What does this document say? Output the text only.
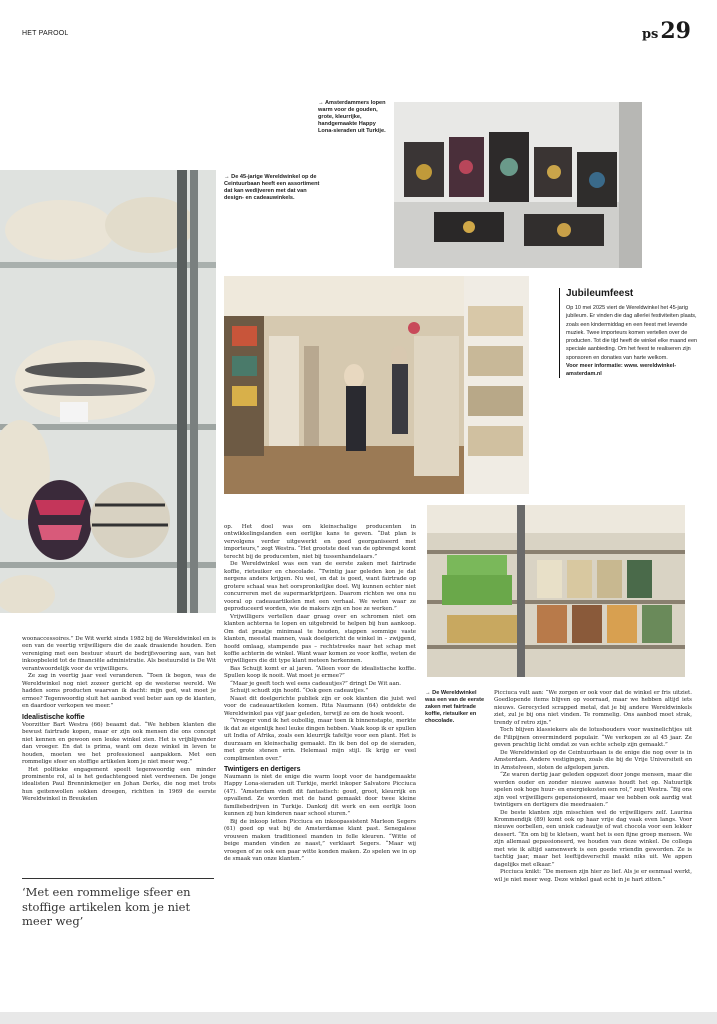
HET PAROOL	ps29
→ De 45-jarige Wereldwinkel op de Ceintuurbaan heeft een assortiment dat kan wedijveren met dat van design- en cadeauwinkels.
→ Amsterdammers lopen warm voor de gouden, grote, kleurrijke, handgemaakte Happy Lona-sieraden uit Turkije.
Jubileumfeest

Op 10 mei 2025 viert de Wereldwinkel het 45-jarig jubileum. Er vinden die dag allerlei festiviteiten plaats, zoals een kindermiddag en een feest met levende muziek. Twee importeurs komen vertellen over de producten. Tot die tijd heeft de winkel elke maand een speciale aanbieding. Om het feest te realiseren zijn sponsoren en donaties van harte welkom.

Voor meer informatie: www. wereldwinkel-amsterdam.nl

→ De Wereldwinkel was een van de eerste zaken met fairtrade koffie, rietsuiker en chocolade.

woonaccessoires.” De Wit werkt sinds 1982 bij de Wereldwinkel en is een van de veertig vrijwilligers die de zaak draaiende houden. Een vereniging met een bestuur stuurt de bedrijfsvoering aan, van het inkoopbeleid tot de financiële administratie. Als bestuurslid is De Wit verantwoordelijk voor de vrijwilligers.

Ze zag in veertig jaar veel veranderen. “Toen ik begon, was de Wereldwinkel nog niet zozeer gericht op de westerse wereld. We hadden soms producten waarvan ik dacht: mijn god, wat moet je ermee? Tegenwoordig sluit het aanbod veel beter aan op de klanten, en daardoor verkopen we meer.”

Idealistische koffie

Voorzitter Bart Westra (66) beaamt dat. “We hebben klanten die bewust fairtrade kopen, maar er zijn ook mensen die ons concept niet kennen en gewoon een leuke winkel zien. Het is vrijblijvender dan vroeger. En dat is prima, want om deze winkel in leven te houden, moeten we het professioneel aanpakken. Met een rommelige sfeer en stoffige artikelen kom je niet meer weg.”

Het politieke engagement speelt tegenwoordig een minder prominente rol, al is het gedachtengoed niet verdwenen. De jonge idealisten Paul Brenninkmeijer en Johan Derks, die nog met trots hun geitenwollen sokken droegen, richtten in 1969 de eerste Wereldwinkel in Breukelen

‘Met een rommelige sfeer en stoffige artikelen kom je niet meer weg’

op. Het doel was om kleinschalige producenten in ontwikkelingslanden een eerlijke kans te geven. “Dat plan is vervolgens verder uitgewerkt en goed georganiseerd met importeurs,” zegt Westra. “Het grootste deel van de opbrengst komt terecht bij de producenten, niet bij tussenhandelaars.”

De Wereldwinkel was een van de eerste zaken met fairtrade koffie, rietsuiker en chocolade. “Twintig jaar geleden kon je dat nergens anders krijgen. Nu wel, en dat is goed, want fairtrade op grotere schaal was het oorspronkelijke doel. Wij kunnen echter niet concurreren met de supermarktprijzen. Daarom richten we ons nu vooral op cadeauartikelen met een verhaal. We weten waar ze geproduceerd worden, wie de makers zijn en hoe ze werken.”

Vrijwilligers vertellen daar graag over en schromen niet om klanten achterna te lopen en uitgebreid te helpen bij hun aankoop. Om dat praatje minimaal te houden, stappen sommige vaste klanten, meestal mannen, vaak doelgericht de winkel in – zwijgend, hoofd omlaag, stampende pas – rechtstreeks naar het schap met koffie achterin de winkel. Want waar komen ze voor koffie, weten de vrijwilligers die dit type klant meteen herkennen.

Bas Schuijt komt er al jaren. “Alleen voor de idealistische koffie. Spullen koop ik nooit. Wat moet je ermee?”

“Maar je geeft toch wel eens cadeautjes?” dringt De Wit aan.

Schuijt schudt zijn hoofd. “Ook geen cadeautjes.”

Naast dit doelgerichte publiek zijn er ook klanten die juist wel voor de cadeauartikelen komen. Rita Naumann (64) ontdekte de Wereldwinkel pas vijf jaar geleden, terwijl ze om de hoek woont.

“Vroeger vond ik het oubollig, maar toen ik binnenstapte, merkte ik dat ze eigenlijk heel leuke dingen hebben. Vaak koop ik er spullen uit India of Afrika, zoals een kleurrijk tafeltje voor een plant. Het is duurzaam en kleinschalig gemaakt. En ik ben dol op de sieraden, met grote stenen erin. Helemaal mijn stijl. Ik krijg er veel complimenten over.”

Twintigers en dertigers

Naumann is niet de enige die warm loopt voor de handgemaakte Happy Lona-sieraden uit Turkije, merkt inkoper Salvatore Picciuca (47). “Amsterdam vindt dit fantastisch: goud, groot, kleurrijk en opvallend. Ze worden met de hand gemaakt door twee kleine familiebedrijven in Turkije. Dankzij dit werk en een eerlijk loon kunnen zij hun kinderen naar school sturen.”

Bij de inkoop letten Picciuca en inkoopassistent Marleon Segers (61) goed op wat bij de Amsterdamse klant past. Senegalese vrouwen maken traditioneel manden in felle kleuren. “Witte of beige manden vinden ze naast,” verklaart Segers. “Maar wij vroegen of ze ook een paar witte konden maken. Zo spelen we in op de smaak van onze klanten.”

Picciuca vult aan: “We zorgen er ook voor dat de winkel er fris uitziet. Goedlopende items blijven op voorraad, maar we hebben altijd iets nieuws. Gerecycled scrapped metal, dat je bij andere Wereldwinkels ziet, zul je bij ons niet vinden. Te rommelig. Ons aanbod moet strak, trendy of retro zijn.”

Toch blijven klassiekers als de lotushouders voor waxinelichtjes uit de Filipijnen onverminderd populair. “We verkopen ze al 45 jaar. Ze geven prachtig licht omdat ze van echte schelp zijn gemaakt.”

De Wereldwinkel op de Ceintuurbaan is de enige die nog over is in Amsterdam. Andere vestigingen, zoals die bij de Vrije Universiteit en in Amstelveen, sloten de afgelopen jaren.

“Ze waren dertig jaar geleden opgezet door jonge mensen, maar die werden ouder en zonder nieuwe aanwas houdt het op. Natuurlijk spelen ook hoge huur- en energiekosten een rol,” zegt Westra. “Bij ons zijn veel vrijwilligers gepensioneerd, maar we hebben ook aardig wat twintigers en dertigers die meedraaien.”

De beste klanten zijn misschien wel de vrijwilligers zelf. Laurina Krommendijk (89) komt ook op haar vrije dag vaak even langs. Voor nieuwe oorbellen, een uniek cadeautje of wat chocola voor een lekker dessert. “En om bij te kletsen, want het is een fijne groep mensen. We zijn allemaal gepassioneerd, we houden van deze winkel. De collega met wie ik altijd samenwerk is een goede vriendin geworden. Ze is tachtig jaar, maar het leeftijdsverschil maakt niks uit. We appen dagelijks met elkaar.”

Picciuca knikt: “De mensen zijn hier zo lief. Als je er eenmaal werkt, wil je niet meer weg. Deze winkel gaat echt in je hart zitten.”
